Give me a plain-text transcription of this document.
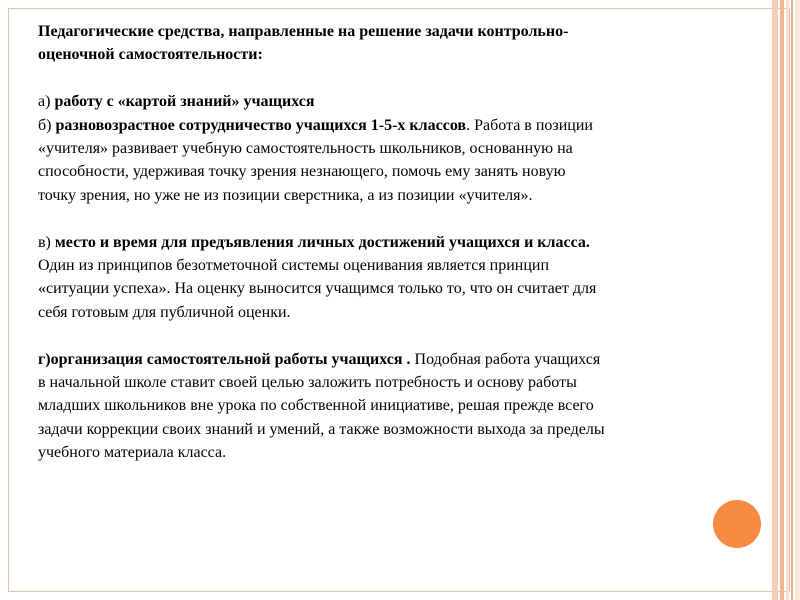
Педагогические средства, направленные на решение задачи контрольно-
оценочной самостоятельности:

а) работу с «картой знаний» учащихся

б) разновозрастное сотрудничество учащихся 1-5-х классов. Работа в позиции
«учителя» развивает учебную самостоятельность школьников, основанную на
способности, удерживая точку зрения незнающего, помочь ему занять новую
точку зрения, но уже не из позиции сверстника, а из позиции «учителя».

в) место и время для предъявления личных достижений учащихся и класса.
Один из принципов безотметочной системы оценивания является принцип
«ситуации успеха». На оценку выносится учащимся только то, что он считает для
себя готовым для публичной оценки.

г)организация самостоятельной работы учащихся . Подобная работа учащихся
в начальной школе ставит своей целью заложить потребность и основу работы
младших школьников вне урока по собственной инициативе, решая прежде всего
задачи коррекции своих знаний и умений, а также возможности выхода за пределы
учебного материала класса.
